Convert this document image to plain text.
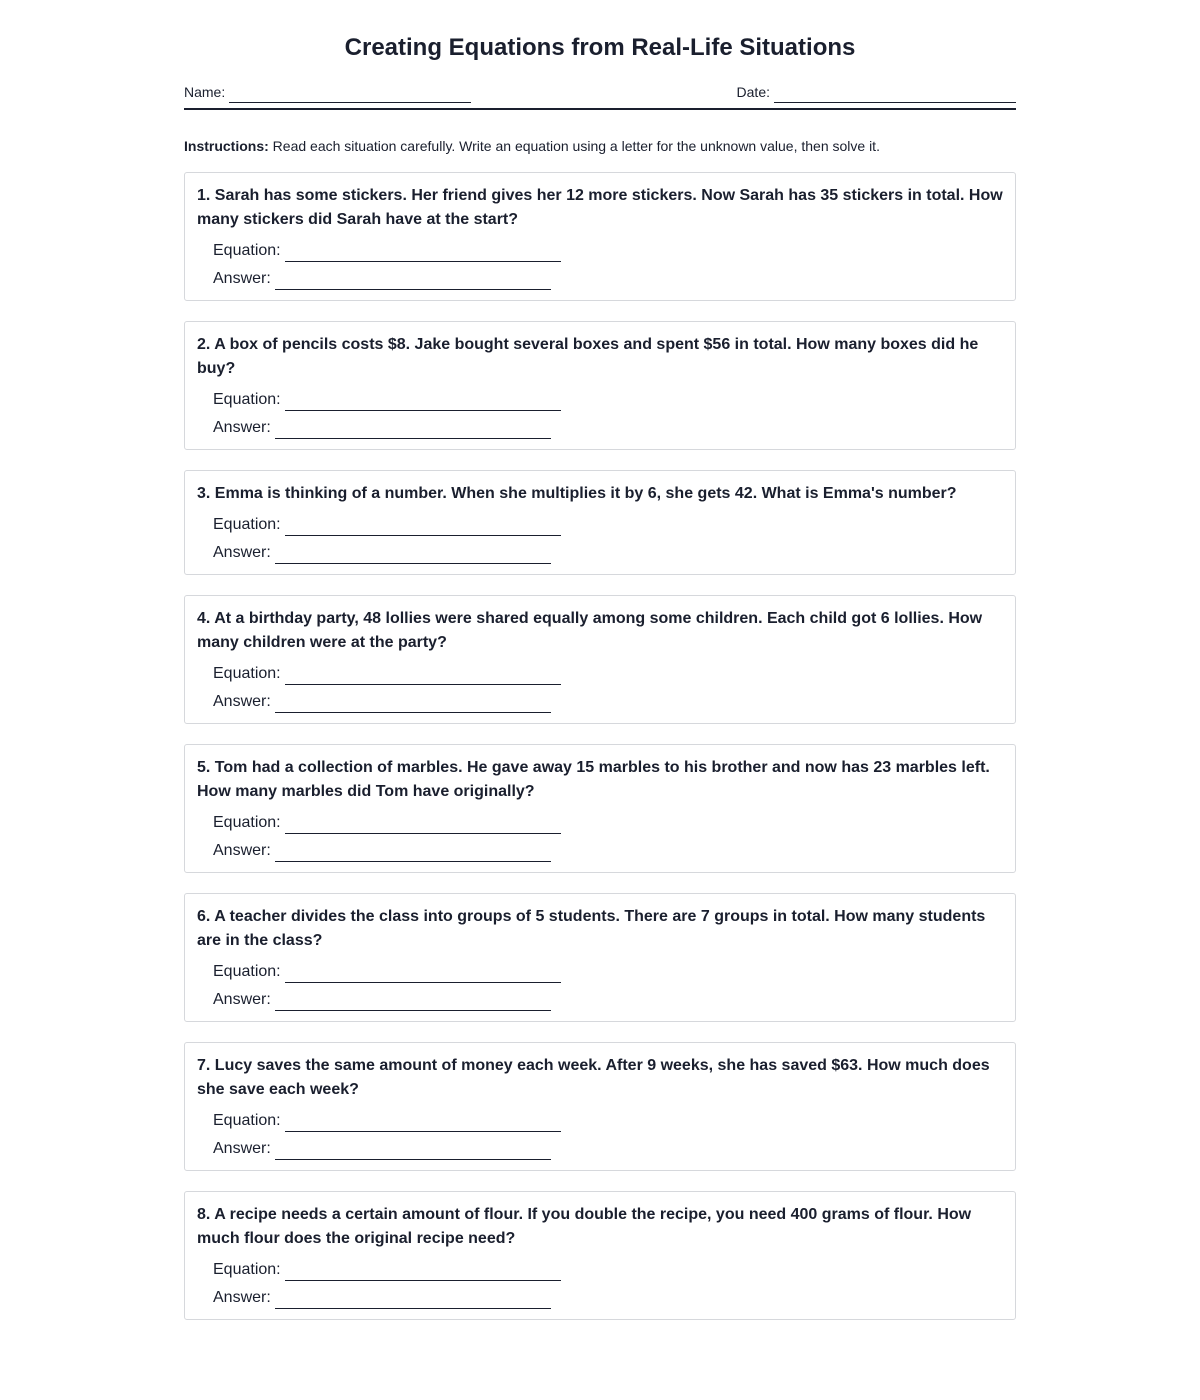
Creating Equations from Real-Life Situations
Name:	Date:
Instructions: Read each situation carefully. Write an equation using a letter for the unknown value, then solve it.
1. Sarah has some stickers. Her friend gives her 12 more stickers. Now Sarah has 35 stickers in total. How many stickers did Sarah have at the start?
Equation:
Answer:
2. A box of pencils costs $8. Jake bought several boxes and spent $56 in total. How many boxes did he buy?
Equation:
Answer:
3. Emma is thinking of a number. When she multiplies it by 6, she gets 42. What is Emma's number?
Equation:
Answer:
4. At a birthday party, 48 lollies were shared equally among some children. Each child got 6 lollies. How many children were at the party?
Equation:
Answer:
5. Tom had a collection of marbles. He gave away 15 marbles to his brother and now has 23 marbles left. How many marbles did Tom have originally?
Equation:
Answer:
6. A teacher divides the class into groups of 5 students. There are 7 groups in total. How many students are in the class?
Equation:
Answer:
7. Lucy saves the same amount of money each week. After 9 weeks, she has saved $63. How much does she save each week?
Equation:
Answer:
8. A recipe needs a certain amount of flour. If you double the recipe, you need 400 grams of flour. How much flour does the original recipe need?
Equation:
Answer:
